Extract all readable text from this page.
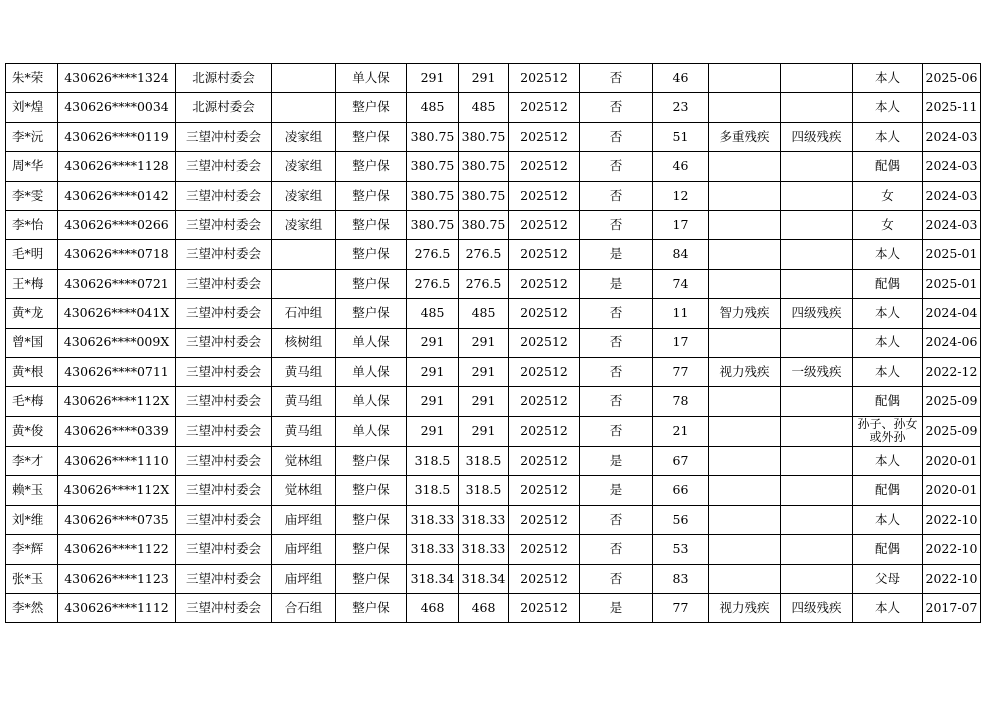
朱*荣	430626****1324	北源村委会		单人保	291	291	202512	否	46			本人	2025-06
刘*煌	430626****0034	北源村委会		整户保	485	485	202512	否	23			本人	2025-11
李*沅	430626****0119	三望冲村委会	凌家组	整户保	380.75	380.75	202512	否	51	多重残疾	四级残疾	本人	2024-03
周*华	430626****1128	三望冲村委会	凌家组	整户保	380.75	380.75	202512	否	46			配偶	2024-03
李*雯	430626****0142	三望冲村委会	凌家组	整户保	380.75	380.75	202512	否	12			女	2024-03
李*怡	430626****0266	三望冲村委会	凌家组	整户保	380.75	380.75	202512	否	17			女	2024-03
毛*明	430626****0718	三望冲村委会		整户保	276.5	276.5	202512	是	84			本人	2025-01
王*梅	430626****0721	三望冲村委会		整户保	276.5	276.5	202512	是	74			配偶	2025-01
黄*龙	430626****041X	三望冲村委会	石冲组	整户保	485	485	202512	否	11	智力残疾	四级残疾	本人	2024-04
曾*国	430626****009X	三望冲村委会	核树组	单人保	291	291	202512	否	17			本人	2024-06
黄*根	430626****0711	三望冲村委会	黄马组	单人保	291	291	202512	否	77	视力残疾	一级残疾	本人	2022-12
毛*梅	430626****112X	三望冲村委会	黄马组	单人保	291	291	202512	否	78			配偶	2025-09
黄*俊	430626****0339	三望冲村委会	黄马组	单人保	291	291	202512	否	21			孙子、孙女或外孙	2025-09
李*才	430626****1110	三望冲村委会	觉林组	整户保	318.5	318.5	202512	是	67			本人	2020-01
赖*玉	430626****112X	三望冲村委会	觉林组	整户保	318.5	318.5	202512	是	66			配偶	2020-01
刘*维	430626****0735	三望冲村委会	庙坪组	整户保	318.33	318.33	202512	否	56			本人	2022-10
李*辉	430626****1122	三望冲村委会	庙坪组	整户保	318.33	318.33	202512	否	53			配偶	2022-10
张*玉	430626****1123	三望冲村委会	庙坪组	整户保	318.34	318.34	202512	否	83			父母	2022-10
李*然	430626****1112	三望冲村委会	合石组	整户保	468	468	202512	是	77	视力残疾	四级残疾	本人	2017-07
